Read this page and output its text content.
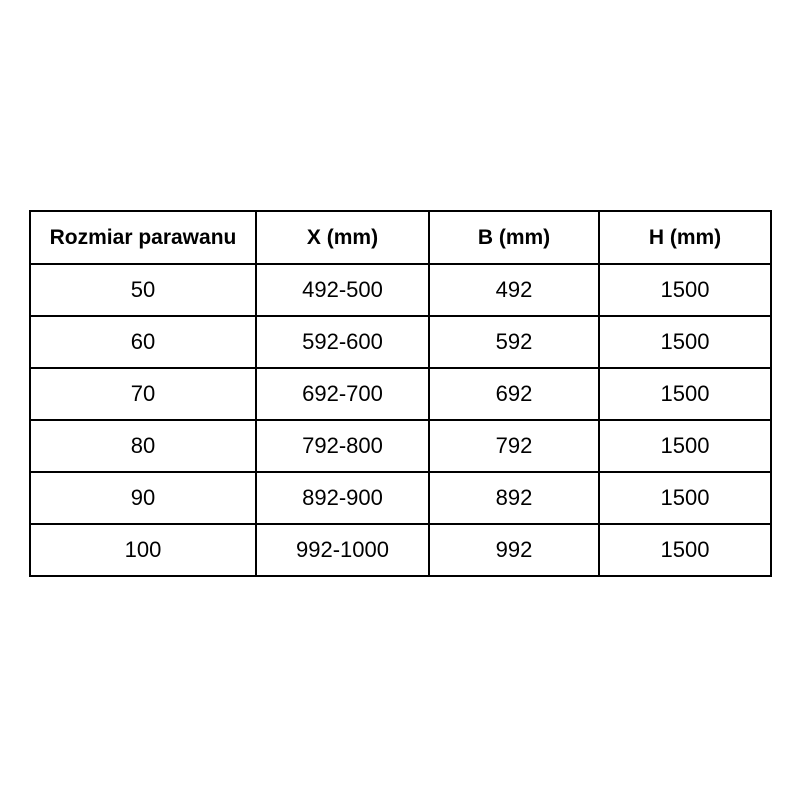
Rozmiar parawanu	X (mm)	B (mm)	H (mm)
50	492-500	492	1500
60	592-600	592	1500
70	692-700	692	1500
80	792-800	792	1500
90	892-900	892	1500
100	992-1000	992	1500
